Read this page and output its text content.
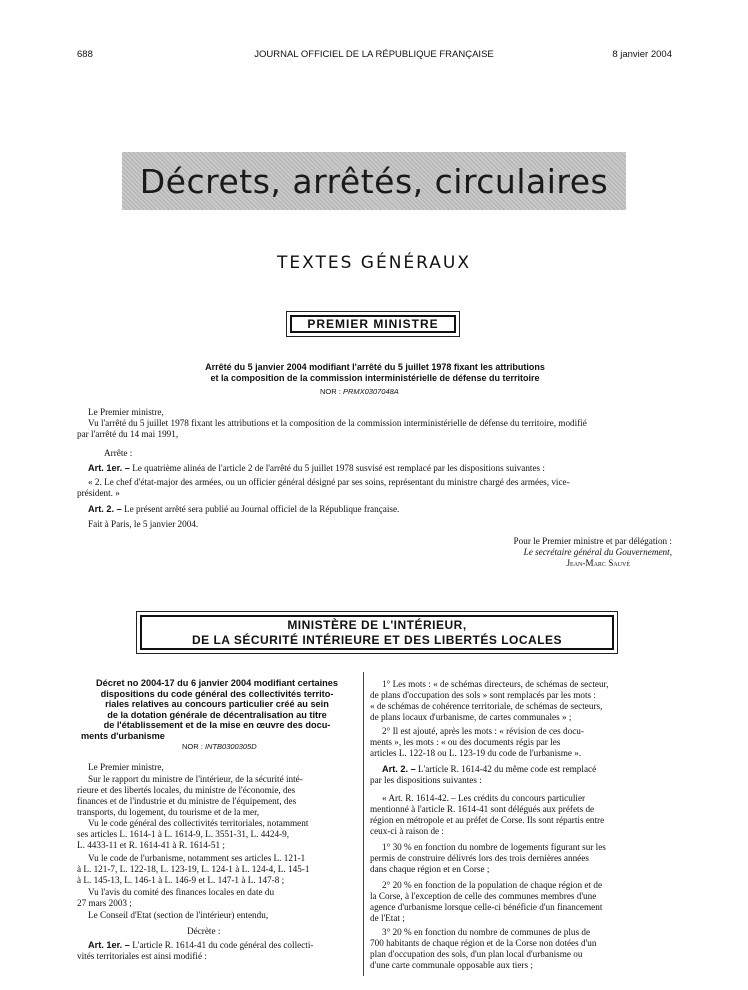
688	JOURNAL OFFICIEL DE LA RÉPUBLIQUE FRANÇAISE	8 janvier 2004
Décrets, arrêtés, circulaires
TEXTES GÉNÉRAUX
PREMIER MINISTRE
Arrêté du 5 janvier 2004 modifiant l'arrêté du 5 juillet 1978 fixant les attributions
et la composition de la commission interministérielle de défense du territoire
NOR : PRMX0307048A
Le Premier ministre,
Vu l'arrêté du 5 juillet 1978 fixant les attributions et la composition de la commission interministérielle de défense du territoire, modifié
par l'arrêté du 14 mai 1991,
Arrête :
Art. 1er. – Le quatrième alinéa de l'article 2 de l'arrêté du 5 juillet 1978 susvisé est remplacé par les dispositions suivantes :
« 2. Le chef d'état-major des armées, ou un officier général désigné par ses soins, représentant du ministre chargé des armées, vice-
président. »
Art. 2. – Le présent arrêté sera publié au Journal officiel de la République française.
Fait à Paris, le 5 janvier 2004.
Pour le Premier ministre et par délégation :
Le secrétaire général du Gouvernement,
Jean-Marc Sauvé
MINISTÈRE DE L'INTÉRIEUR,
DE LA SÉCURITÉ INTÉRIEURE ET DES LIBERTÉS LOCALES
Décret no 2004-17 du 6 janvier 2004 modifiant certaines
dispositions du code général des collectivités territo-
riales relatives au concours particulier créé au sein
de la dotation générale de décentralisation au titre
de l'établissement et de la mise en œuvre des docu-
ments d'urbanisme
NOR : INTB0300305D
Le Premier ministre,
Sur le rapport du ministre de l'intérieur, de la sécurité inté-
rieure et des libertés locales, du ministre de l'économie, des
finances et de l'industrie et du ministre de l'équipement, des
transports, du logement, du tourisme et de la mer,
Vu le code général des collectivités territoriales, notamment
ses articles L. 1614-1 à L. 1614-9, L. 3551-31, L. 4424-9,
L. 4433-11 et R. 1614-41 à R. 1614-51 ;
Vu le code de l'urbanisme, notamment ses articles L. 121-1
à L. 121-7, L. 122-18, L. 123-19, L. 124-1 à L. 124-4, L. 145-1
à L. 145-13, L. 146-1 à L. 146-9 et L. 147-1 à L. 147-8 ;
Vu l'avis du comité des finances locales en date du
27 mars 2003 ;
Le Conseil d'Etat (section de l'intérieur) entendu,
Décrète :
Art. 1er. – L'article R. 1614-41 du code général des collecti-
vités territoriales est ainsi modifié :
1° Les mots : « de schémas directeurs, de schémas de secteur,
de plans d'occupation des sols » sont remplacés par les mots :
« de schémas de cohérence territoriale, de schémas de secteurs,
de plans locaux d'urbanisme, de cartes communales » ;
2° Il est ajouté, après les mots : « révision de ces docu-
ments », les mots : « ou des documents régis par les
articles L. 122-18 ou L. 123-19 du code de l'urbanisme ».
Art. 2. – L'article R. 1614-42 du même code est remplacé
par les dispositions suivantes :
« Art. R. 1614-42. – Les crédits du concours particulier
mentionné à l'article R. 1614-41 sont délégués aux préfets de
région en métropole et au préfet de Corse. Ils sont répartis entre
ceux-ci à raison de :
1° 30 % en fonction du nombre de logements figurant sur les
permis de construire délivrés lors des trois dernières années
dans chaque région et en Corse ;
2° 20 % en fonction de la population de chaque région et de
la Corse, à l'exception de celle des communes membres d'une
agence d'urbanisme lorsque celle-ci bénéficie d'un financement
de l'Etat ;
3° 20 % en fonction du nombre de communes de plus de
700 habitants de chaque région et de la Corse non dotées d'un
plan d'occupation des sols, d'un plan local d'urbanisme ou
d'une carte communale opposable aux tiers ;
